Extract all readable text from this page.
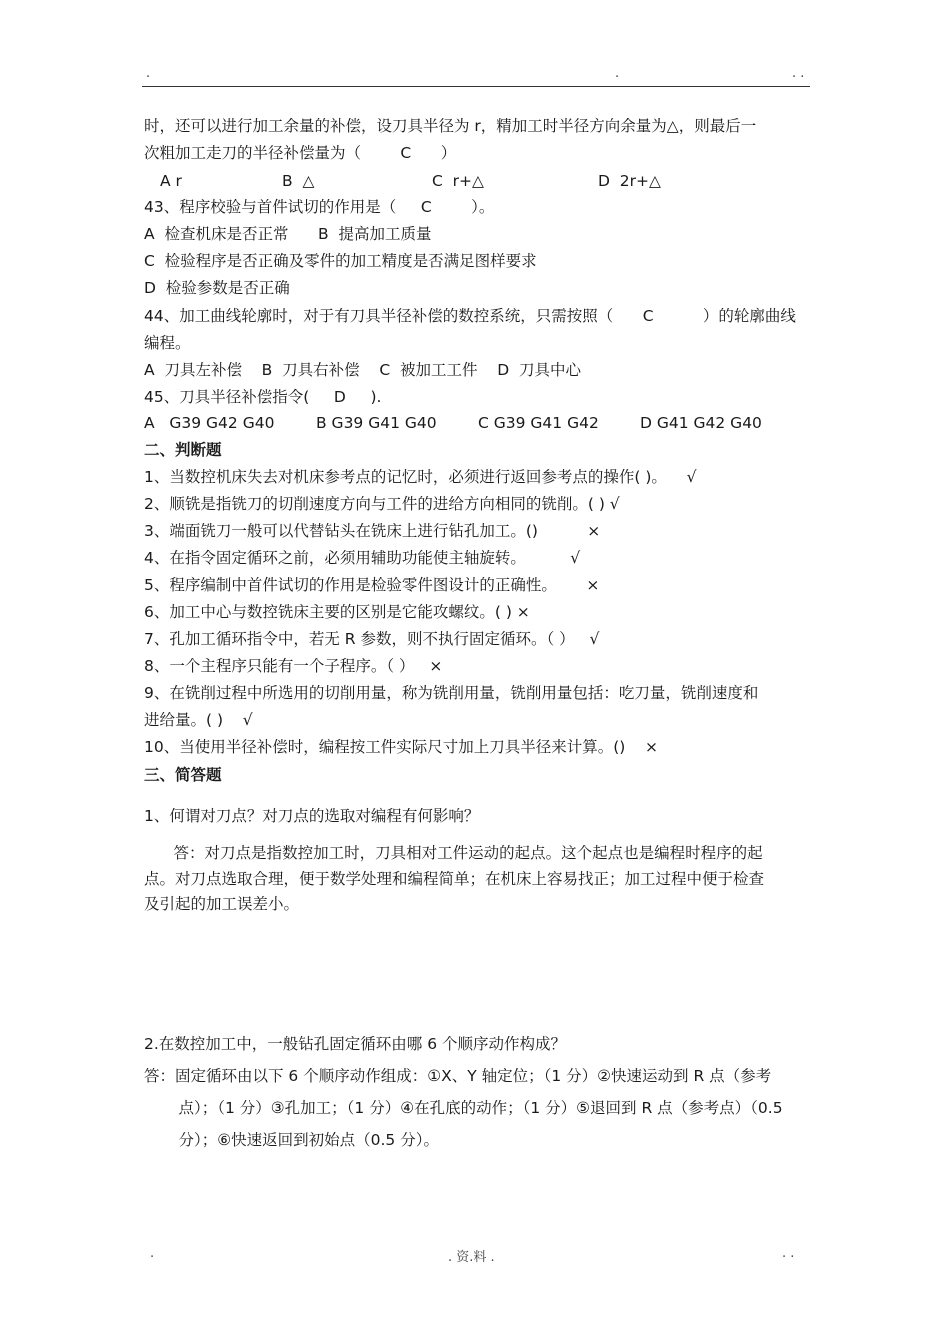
.	.	. .
时，还可以进行加工余量的补偿，设刀具半径为 r，精加工时半径方向余量为△，则最后一
次粗加工走刀的半径补偿量为（        C      ）
A r	B  △	C  r+△	D  2r+△
43、程序校验与首件试切的作用是（     C        ）。
A  检查机床是否正常      B  提高加工质量
C  检验程序是否正确及零件的加工精度是否满足图样要求
D  检验参数是否正确
44、加工曲线轮廓时，对于有刀具半径补偿的数控系统，只需按照（      C          ）的轮廓曲线
编程。
A  刀具左补偿    B  刀具右补偿    C  被加工工件    D  刀具中心
45、刀具半径补偿指令(     D     ).
A   G39 G42 G40	B G39 G41 G40	C G39 G41 G42	D G41 G42 G40
二、判断题
1、当数控机床失去对机床参考点的记忆时，必须进行返回参考点的操作( )。    √
2、顺铣是指铣刀的切削速度方向与工件的进给方向相同的铣削。( ) √
3、端面铣刀一般可以代替钻头在铣床上进行钻孔加工。()          ×
4、在指令固定循环之前，必须用辅助功能使主轴旋转。         √
5、程序编制中首件试切的作用是检验零件图设计的正确性。      ×
6、加工中心与数控铣床主要的区别是它能攻螺纹。( ) ×
7、孔加工循环指令中，若无 R 参数，则不执行固定循环。（ ）   √
8、一个主程序只能有一个子程序。（ ）   ×
9、在铣削过程中所选用的切削用量，称为铣削用量，铣削用量包括：吃刀量，铣削速度和
进给量。( )    √
10、当使用半径补偿时，编程按工件实际尺寸加上刀具半径来计算。()    ×
三、简答题
1、何谓对刀点？对刀点的选取对编程有何影响？
答：对刀点是指数控加工时，刀具相对工件运动的起点。这个起点也是编程时程序的起
点。对刀点选取合理，便于数学处理和编程简单；在机床上容易找正；加工过程中便于检查
及引起的加工误差小。
2.在数控加工中，一般钻孔固定循环由哪 6 个顺序动作构成？
答：固定循环由以下 6 个顺序动作组成：①X、Y 轴定位；（1 分）②快速运动到 R 点（参考
点）；（1 分）③孔加工；（1 分）④在孔底的动作；（1 分）⑤退回到 R 点（参考点）（0.5
分）；⑥快速返回到初始点（0.5 分）。
.	. 资.料 .	. .
